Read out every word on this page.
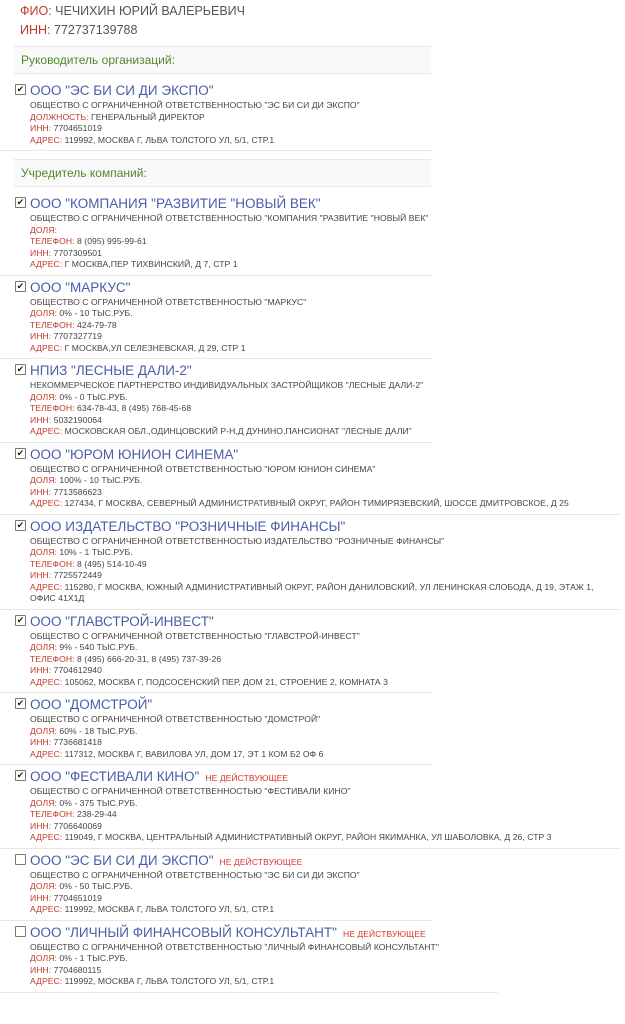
ФИО: ЧЕЧИХИН ЮРИЙ ВАЛЕРЬЕВИЧ
ИНН: 772737139788
Руководитель организаций:
✔ ООО "ЭС БИ СИ ДИ ЭКСПО"
ОБЩЕСТВО С ОГРАНИЧЕННОЙ ОТВЕТСТВЕННОСТЬЮ "ЭС БИ СИ ДИ ЭКСПО"
ДОЛЖНОСТЬ: ГЕНЕРАЛЬНЫЙ ДИРЕКТОР
ИНН: 7704651019
АДРЕС: 119992, МОСКВА Г, ЛЬВА ТОЛСТОГО УЛ, 5/1, СТР.1
Учредитель компаний:
✔ ООО "КОМПАНИЯ "РАЗВИТИЕ "НОВЫЙ ВЕК"
ОБЩЕСТВО С ОГРАНИЧЕННОЙ ОТВЕТСТВЕННОСТЬЮ "КОМПАНИЯ "РАЗВИТИЕ "НОВЫЙ ВЕК"
ДОЛЯ:
ТЕЛЕФОН: 8 (095) 995-99-61
ИНН: 7707309501
АДРЕС: Г МОСКВА,ПЕР ТИХВИНСКИЙ, Д 7, СТР 1
✔ ООО "МАРКУС"
ОБЩЕСТВО С ОГРАНИЧЕННОЙ ОТВЕТСТВЕННОСТЬЮ "МАРКУС"
ДОЛЯ: 0% - 10 ТЫС.РУБ.
ТЕЛЕФОН: 424-79-78
ИНН: 7707327719
АДРЕС: Г МОСКВА,УЛ СЕЛЕЗНЕВСКАЯ, Д 29, СТР 1
✔ НПИЗ "ЛЕСНЫЕ ДАЛИ-2"
НЕКОММЕРЧЕСКОЕ ПАРТНЕРСТВО ИНДИВИДУАЛЬНЫХ ЗАСТРОЙЩИКОВ "ЛЕСНЫЕ ДАЛИ-2"
ДОЛЯ: 0% - 0 ТЫС.РУБ.
ТЕЛЕФОН: 634-78-43, 8 (495) 768-45-68
ИНН: 5032190064
АДРЕС: МОСКОВСКАЯ ОБЛ.,ОДИНЦОВСКИЙ Р-Н,Д ДУНИНО,ПАНСИОНАТ "ЛЕСНЫЕ ДАЛИ"
✔ ООО "ЮРОМ ЮНИОН СИНЕМА"
ОБЩЕСТВО С ОГРАНИЧЕННОЙ ОТВЕТСТВЕННОСТЬЮ "ЮРОМ ЮНИОН СИНЕМА"
ДОЛЯ: 100% - 10 ТЫС.РУБ.
ИНН: 7713586623
АДРЕС: 127434, Г МОСКВА, СЕВЕРНЫЙ АДМИНИСТРАТИВНЫЙ ОКРУГ, РАЙОН ТИМИРЯЗЕВСКИЙ, ШОССЕ ДМИТРОВСКОЕ, Д 25
✔ ООО ИЗДАТЕЛЬСТВО "РОЗНИЧНЫЕ ФИНАНСЫ"
ОБЩЕСТВО С ОГРАНИЧЕННОЙ ОТВЕТСТВЕННОСТЬЮ ИЗДАТЕЛЬСТВО "РОЗНИЧНЫЕ ФИНАНСЫ"
ДОЛЯ: 10% - 1 ТЫС.РУБ.
ТЕЛЕФОН: 8 (495) 514-10-49
ИНН: 7725572449
АДРЕС: 115280, Г МОСКВА, ЮЖНЫЙ АДМИНИСТРАТИВНЫЙ ОКРУГ, РАЙОН ДАНИЛОВСКИЙ, УЛ ЛЕНИНСКАЯ СЛОБОДА, Д 19, ЭТАЖ 1, ОФИС 41Х1Д
✔ ООО "ГЛАВСТРОЙ-ИНВЕСТ"
ОБЩЕСТВО С ОГРАНИЧЕННОЙ ОТВЕТСТВЕННОСТЬЮ "ГЛАВСТРОЙ-ИНВЕСТ"
ДОЛЯ: 9% - 540 ТЫС.РУБ.
ТЕЛЕФОН: 8 (495) 666-20-31, 8 (495) 737-39-26
ИНН: 7704612940
АДРЕС: 105062, МОСКВА Г, ПОДСОСЕНСКИЙ ПЕР, ДОМ 21, СТРОЕНИЕ 2, КОМНАТА 3
✔ ООО "ДОМСТРОЙ"
ОБЩЕСТВО С ОГРАНИЧЕННОЙ ОТВЕТСТВЕННОСТЬЮ "ДОМСТРОЙ"
ДОЛЯ: 60% - 18 ТЫС.РУБ.
ИНН: 7736681418
АДРЕС: 117312, МОСКВА Г, ВАВИЛОВА УЛ, ДОМ 17, ЭТ 1 КОМ Б2 ОФ 6
✔ ООО "ФЕСТИВАЛИ КИНО" НЕ ДЕЙСТВУЮЩЕЕ
ОБЩЕСТВО С ОГРАНИЧЕННОЙ ОТВЕТСТВЕННОСТЬЮ "ФЕСТИВАЛИ КИНО"
ДОЛЯ: 0% - 375 ТЫС.РУБ.
ТЕЛЕФОН: 238-29-44
ИНН: 7706640069
АДРЕС: 119049, Г МОСКВА, ЦЕНТРАЛЬНЫЙ АДМИНИСТРАТИВНЫЙ ОКРУГ, РАЙОН ЯКИМАНКА, УЛ ШАБОЛОВКА, Д 26, СТР 3
ООО "ЭС БИ СИ ДИ ЭКСПО" НЕ ДЕЙСТВУЮЩЕЕ
ОБЩЕСТВО С ОГРАНИЧЕННОЙ ОТВЕТСТВЕННОСТЬЮ "ЭС БИ СИ ДИ ЭКСПО"
ДОЛЯ: 0% - 50 ТЫС.РУБ.
ИНН: 7704651019
АДРЕС: 119992, МОСКВА Г, ЛЬВА ТОЛСТОГО УЛ, 5/1, СТР.1
ООО "ЛИЧНЫЙ ФИНАНСОВЫЙ КОНСУЛЬТАНТ" НЕ ДЕЙСТВУЮЩЕЕ
ОБЩЕСТВО С ОГРАНИЧЕННОЙ ОТВЕТСТВЕННОСТЬЮ "ЛИЧНЫЙ ФИНАНСОВЫЙ КОНСУЛЬТАНТ"
ДОЛЯ: 0% - 1 ТЫС.РУБ.
ИНН: 7704680115
АДРЕС: 119992, МОСКВА Г, ЛЬВА ТОЛСТОГО УЛ, 5/1, СТР.1
